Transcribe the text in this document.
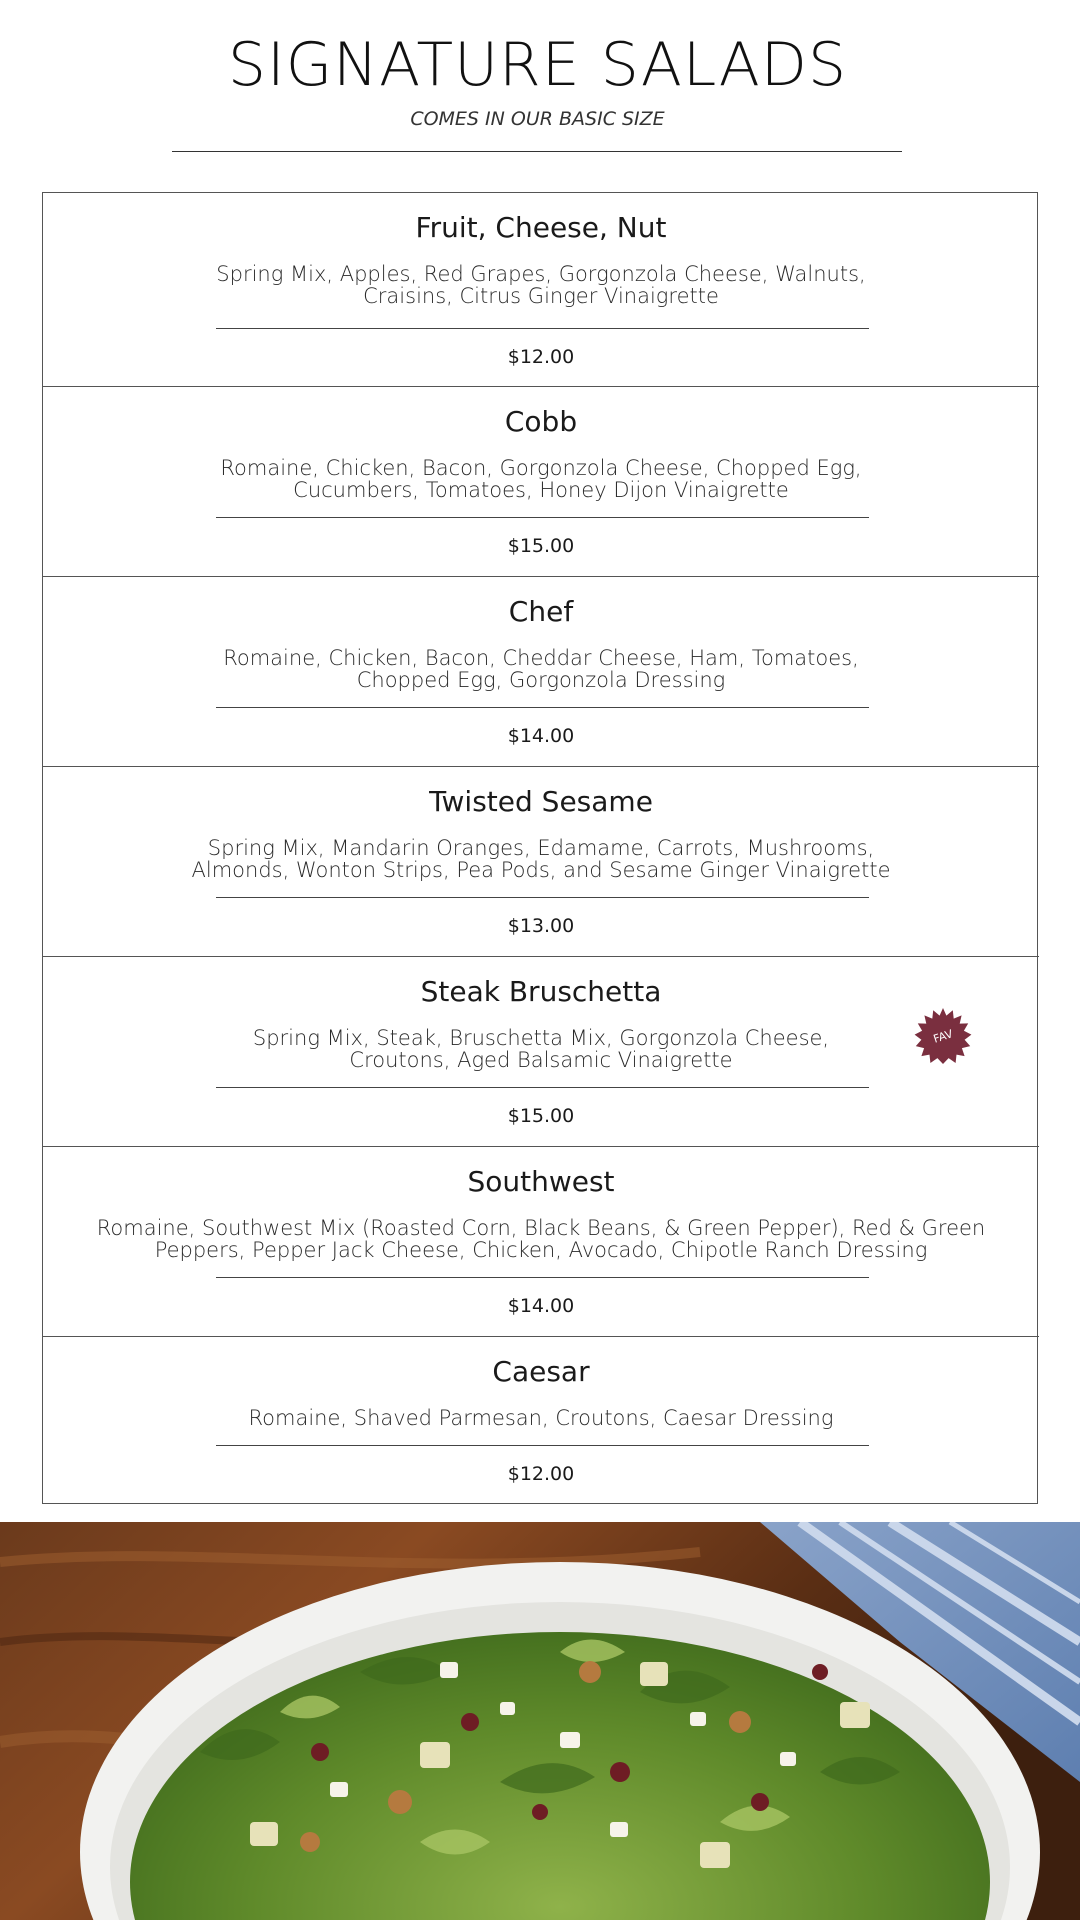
SIGNATURE SALADS
COMES IN OUR BASIC SIZE
Fruit, Cheese, Nut
Spring Mix, Apples, Red Grapes, Gorgonzola Cheese, Walnuts,
Craisins, Citrus Ginger Vinaigrette
$12.00
Cobb
Romaine, Chicken, Bacon, Gorgonzola Cheese, Chopped Egg,
Cucumbers, Tomatoes, Honey Dijon Vinaigrette
$15.00
Chef
Romaine, Chicken, Bacon, Cheddar Cheese, Ham, Tomatoes,
Chopped Egg, Gorgonzola Dressing
$14.00
Twisted Sesame
Spring Mix, Mandarin Oranges, Edamame, Carrots, Mushrooms,
Almonds, Wonton Strips, Pea Pods, and Sesame Ginger Vinaigrette
$13.00
Steak Bruschetta
Spring Mix, Steak, Bruschetta Mix, Gorgonzola Cheese,
Croutons, Aged Balsamic Vinaigrette
$15.00
Southwest
Romaine, Southwest Mix (Roasted Corn, Black Beans, & Green Pepper), Red & Green
Peppers, Pepper Jack Cheese, Chicken, Avocado, Chipotle Ranch Dressing
$14.00
Caesar
Romaine, Shaved Parmesan, Croutons, Caesar Dressing
$12.00
FAV
